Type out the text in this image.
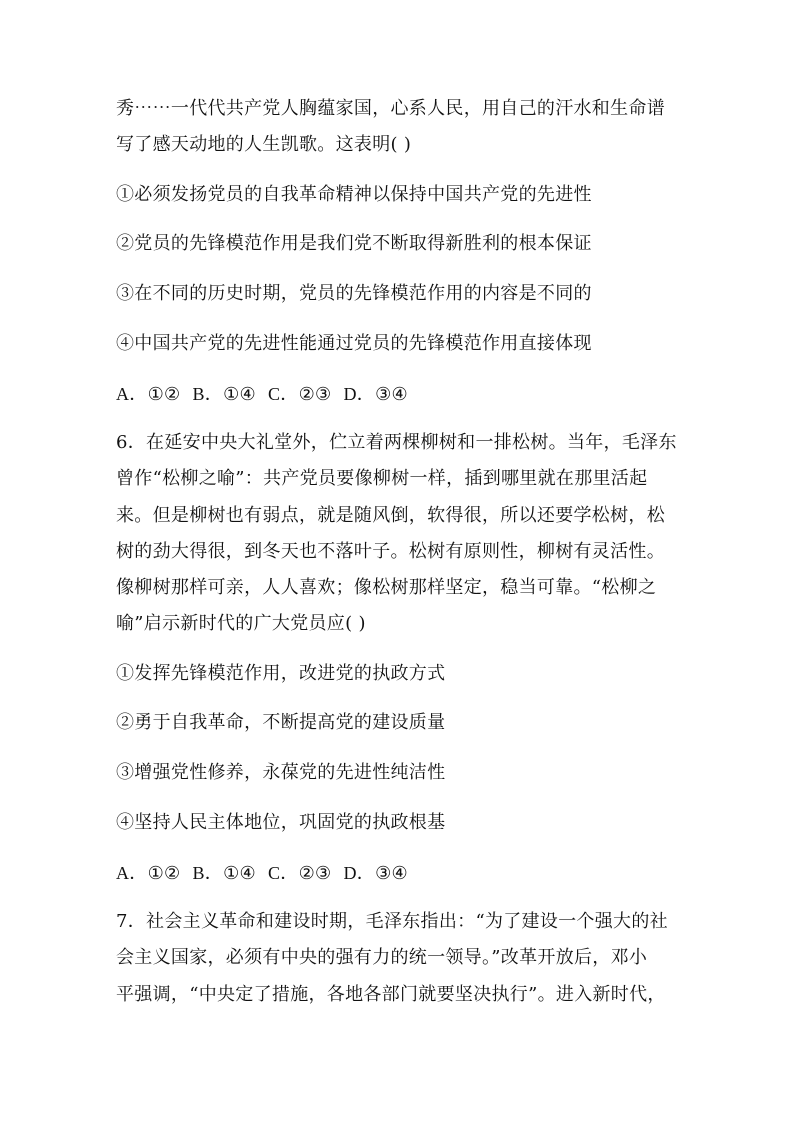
秀⋯⋯一代代共产党人胸蕴家国，心系人民，用自己的汗水和生命谱
写了感天动地的人生凯歌。这表明( )
①必须发扬党员的自我革命精神以保持中国共产党的先进性
②党员的先锋模范作用是我们党不断取得新胜利的根本保证
③在不同的历史时期，党员的先锋模范作用的内容是不同的
④中国共产党的先进性能通过党员的先锋模范作用直接体现
A．①② B．①④ C．②③ D．③④
6．在延安中央大礼堂外，伫立着两棵柳树和一排松树。当年，毛泽东
曾作“松柳之喻”：共产党员要像柳树一样，插到哪里就在那里活起
来。但是柳树也有弱点，就是随风倒，软得很，所以还要学松树，松
树的劲大得很，到冬天也不落叶子。松树有原则性，柳树有灵活性。
像柳树那样可亲，人人喜欢；像松树那样坚定，稳当可靠。“松柳之
喻”启示新时代的广大党员应( )
①发挥先锋模范作用，改进党的执政方式
②勇于自我革命，不断提高党的建设质量
③增强党性修养，永葆党的先进性纯洁性
④坚持人民主体地位，巩固党的执政根基
A．①② B．①④ C．②③ D．③④
7．社会主义革命和建设时期，毛泽东指出：“为了建设一个强大的社
会主义国家，必须有中央的强有力的统一领导。”改革开放后，邓小
平强调，“中央定了措施，各地各部门就要坚决执行”。进入新时代，
